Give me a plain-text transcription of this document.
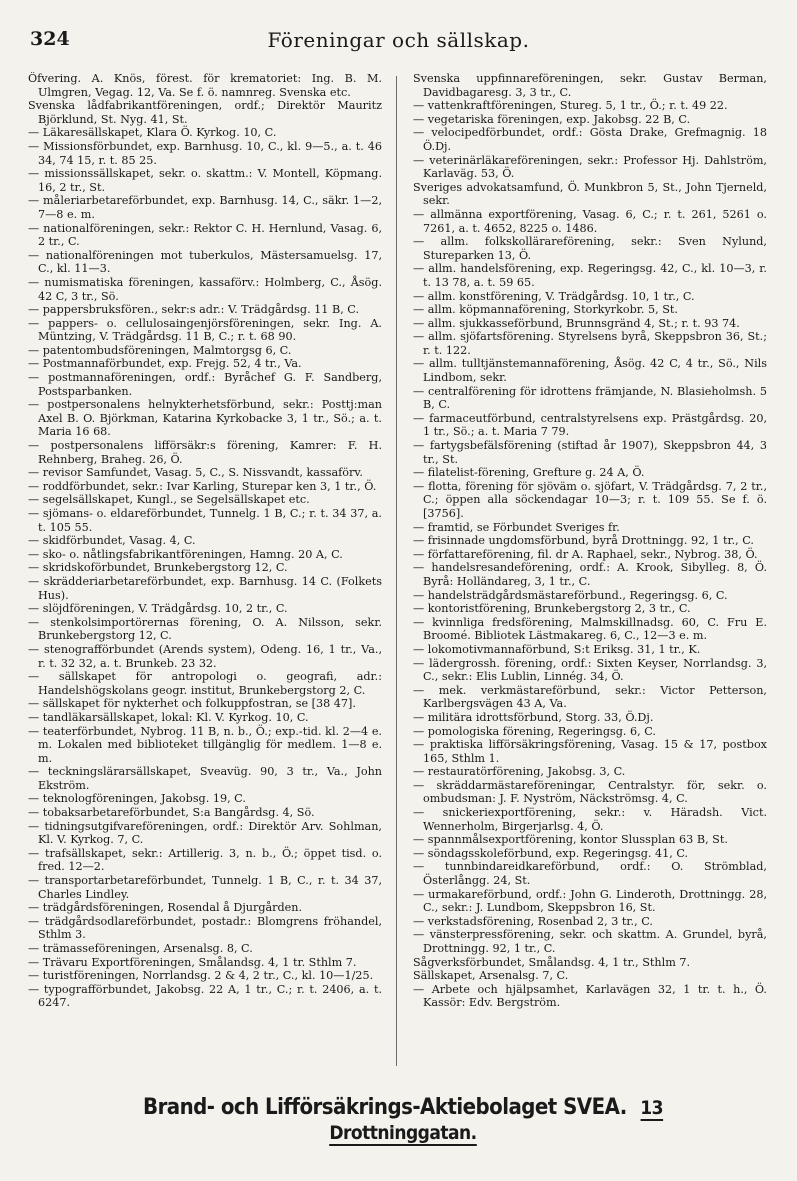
324	Föreningar och sällskap.

Öfvering. A. Knös, förest. för krematoriet: Ing. B. M. Ulmgren, Vegag. 12, Va. Se f. ö. namnreg. Svenska etc.

Svenska lådfabrikantföreningen, ordf.; Direktör Mauritz Björklund, St. Nyg. 41, St.

— Läkaresällskapet, Klara Ö. Kyrkog. 10, C.

— Missionsförbundet, exp. Barnhusg. 10, C., kl. 9—5., a. t. 46 34, 74 15, r. t. 85 25.

— missionssällskapet, sekr. o. skattm.: V. Montell, Köpmang. 16, 2 tr., St.

— måleriarbetareförbundet, exp. Barnhusg. 14, C., säkr. 1—2, 7—8 e. m.

— nationalföreningen, sekr.: Rektor C. H. Hernlund, Vasag. 6, 2 tr., C.

— nationalföreningen mot tuberkulos, Mästersamuelsg. 17, C., kl. 11—3.

— numismatiska föreningen, kassaförv.: Holmberg, C., Åsög. 42 C, 3 tr., Sö.

— pappersbruksfören., sekr:s adr.: V. Trädgårdsg. 11 B, C.

— pappers- o. cellulosaingenjörsföreningen, sekr. Ing. A. Müntzing, V. Trädgårdsg. 11 B, C.; r. t. 68 90.

— patentombudsföreningen, Malmtorgsg 6, C.

— Postmannaförbundet, exp. Frejg. 52, 4 tr., Va.

— postmannaföreningen, ordf.: Byråchef G. F. Sandberg, Postsparbanken.

— postpersonalens helnykterhetsförbund, sekr.: Posttj:man Axel B. O. Björkman, Katarina Kyrkobacke 3, 1 tr., Sö.; a. t. Maria 16 68.

— postpersonalens lifförsäkr:s förening, Kamrer: F. H. Rehnberg, Braheg. 26, Ö.

— revisor Samfundet, Vasag. 5, C., S. Nissvandt, kassaförv.

— roddförbundet, sekr.: Ivar Karling, Sturepar ken 3, 1 tr., Ö.

— segelsällskapet, Kungl., se Segelsällskapet etc.

— sjömans- o. eldareförbundet, Tunnelg. 1 B, C.; r. t. 34 37, a. t. 105 55.

— skidförbundet, Vasag. 4, C.

— sko- o. nåtlingsfabrikantföreningen, Hamng. 20 A, C.

— skridskoförbundet, Brunkebergstorg 12, C.

— skrädderiarbetareförbundet, exp. Barnhusg. 14 C. (Folkets Hus).

— slöjdföreningen, V. Trädgårdsg. 10, 2 tr., C.

— stenkolsimportörernas förening, O. A. Nilsson, sekr. Brunkebergstorg 12, C.

— stenografförbundet (Arends system), Odeng. 16, 1 tr., Va., r. t. 32 32, a. t. Brunkeb. 23 32.

— sällskapet för antropologi o. geografi, adr.: Handelshögskolans geogr. institut, Brunkebergstorg 2, C.

— sällskapet för nykterhet och folkuppfostran, se [38 47].

— tandläkarsällskapet, lokal: Kl. V. Kyrkog. 10, C.

— teaterförbundet, Nybrog. 11 B, n. b., Ö.; exp.-tid. kl. 2—4 e. m. Lokalen med biblioteket tillgänglig för medlem. 1—8 e. m.

— teckningslärarsällskapet, Sveavüg. 90, 3 tr., Va., John Ekström.

— teknologföreningen, Jakobsg. 19, C.

— tobaksarbetareförbundet, S:a Bangårdsg. 4, Sö.

— tidningsutgifvareföreningen, ordf.: Direktör Arv. Sohlman, Kl. V. Kyrkog. 7, C.

— trafsällskapet, sekr.: Artillerig. 3, n. b., Ö.; öppet tisd. o. fred. 12—2.

— transportarbetareförbundet, Tunnelg. 1 B, C., r. t. 34 37, Charles Lindley.

— trädgårdsföreningen, Rosendal å Djurgården.

— trädgårdsodlareförbundet, postadr.: Blomgrens fröhandel, Sthlm 3.

— trämasseföreningen, Arsenalsg. 8, C.

— Trävaru Exportföreningen, Smålandsg. 4, 1 tr. Sthlm 7.

— turistföreningen, Norrlandsg. 2 & 4, 2 tr., C., kl. 10—1/25.

— typografförbundet, Jakobsg. 22 A, 1 tr., C.; r. t. 2406, a. t. 6247.

Svenska uppfinnareföreningen, sekr. Gustav Berman, Davidbagaresg. 3, 3 tr., C.

— vattenkraftföreningen, Stureg. 5, 1 tr., Ö.; r. t. 49 22.

— vegetariska föreningen, exp. Jakobsg. 22 B, C.

— velocipedförbundet, ordf.: Gösta Drake, Grefmagnig. 18 Ö.Dj.

— veterinärläkareföreningen, sekr.: Professor Hj. Dahlström, Karlaväg. 53, Ö.

Sveriges advokatsamfund, Ö. Munkbron 5, St., John Tjerneld, sekr.

— allmänna exportförening, Vasag. 6, C.; r. t. 261, 5261 o. 7261, a. t. 4652, 8225 o. 1486.

— allm. folkskollärareförening, sekr.: Sven Nylund, Stureparken 13, Ö.

— allm. handelsförening, exp. Regeringsg. 42, C., kl. 10—3, r. t. 13 78, a. t. 59 65.

— allm. konstförening, V. Trädgårdsg. 10, 1 tr., C.

— allm. köpmannaförening, Storkyrkobr. 5, St.

— allm. sjukkasseförbund, Brunnsgränd 4, St.; r. t. 93 74.

— allm. sjöfartsförening. Styrelsens byrå, Skeppsbron 36, St.; r. t. 122.

— allm. tulltjänstemannaförening, Åsög. 42 C, 4 tr., Sö., Nils Lindbom, sekr.

— centralförening för idrottens främjande, N. Blasieholmsh. 5 B, C.

— farmaceutförbund, centralstyrelsens exp. Prästgårdsg. 20, 1 tr., Sö.; a. t. Maria 7 79.

— fartygsbefälsförening (stiftad år 1907), Skeppsbron 44, 3 tr., St.

— filatelist-förening, Grefture g. 24 A, Ö.

— flotta, förening för sjöväm o. sjöfart, V. Trädgårdsg. 7, 2 tr., C.; öppen alla söckendagar 10—3; r. t. 109 55. Se f. ö. [3756].

— framtid, se Förbundet Sveriges fr.

— frisinnade ungdomsförbund, byrå Drottningg. 92, 1 tr., C.

— författareförening, fil. dr A. Raphael, sekr., Nybrog. 38, Ö.

— handelsresandeförening, ordf.: A. Krook, Sibylleg. 8, Ö. Byrå: Holländareg, 3, 1 tr., C.

— handelsträdgårdsmästareförbund., Regeringsg. 6, C.

— kontoristförening, Brunkebergstorg 2, 3 tr., C.

— kvinnliga fredsförening, Malmskillnadsg. 60, C. Fru E. Broomé. Bibliotek Lästmakareg. 6, C., 12—3 e. m.

— lokomotivmannaförbund, S:t Eriksg. 31, 1 tr., K.

— lädergrossh. förening, ordf.: Sixten Keyser, Norrlandsg. 3, C., sekr.: Elis Lublin, Linnég. 34, Ö.

— mek. verkmästareförbund, sekr.: Victor Petterson, Karlbergsvägen 43 A, Va.

— militära idrottsförbund, Storg. 33, Ö.Dj.

— pomologiska förening, Regeringsg. 6, C.

— praktiska lifförsäkringsförening, Vasag. 15 & 17, postbox 165, Sthlm 1.

— restauratörförening, Jakobsg. 3, C.

— skräddarmästareföreningar, Centralstyr. för, sekr. o. ombudsman: J. F. Nyström, Näckströmsg. 4, C.

— snickeriexportförening, sekr.: v. Häradsh. Vict. Wennerholm, Birgerjarlsg. 4, Ö.

— spannmålsexportförening, kontor Slussplan 63 B, St.

— söndagsskoleförbund, exp. Regeringsg. 41, C.

— tunnbindareidkareförbund, ordf.: O. Strömblad, Österlångg. 24, St.

— urmakareförbund, ordf.: John G. Linderoth, Drottningg. 28, C., sekr.: J. Lundbom, Skeppsbron 16, St.

— verkstadsförening, Rosenbad 2, 3 tr., C.

— vänsterpressförening, sekr. och skattm. A. Grundel, byrå, Drottningg. 92, 1 tr., C.

Sågverksförbundet, Smålandsg. 4, 1 tr., Sthlm 7.

Sällskapet, Arsenalsg. 7, C.

— Arbete och hjälpsamhet, Karlavägen 32, 1 tr. t. h., Ö. Kassör: Edv. Bergström.

Brand- och Lifförsäkrings-Aktiebolaget SVEA. 13 Drottninggatan.
